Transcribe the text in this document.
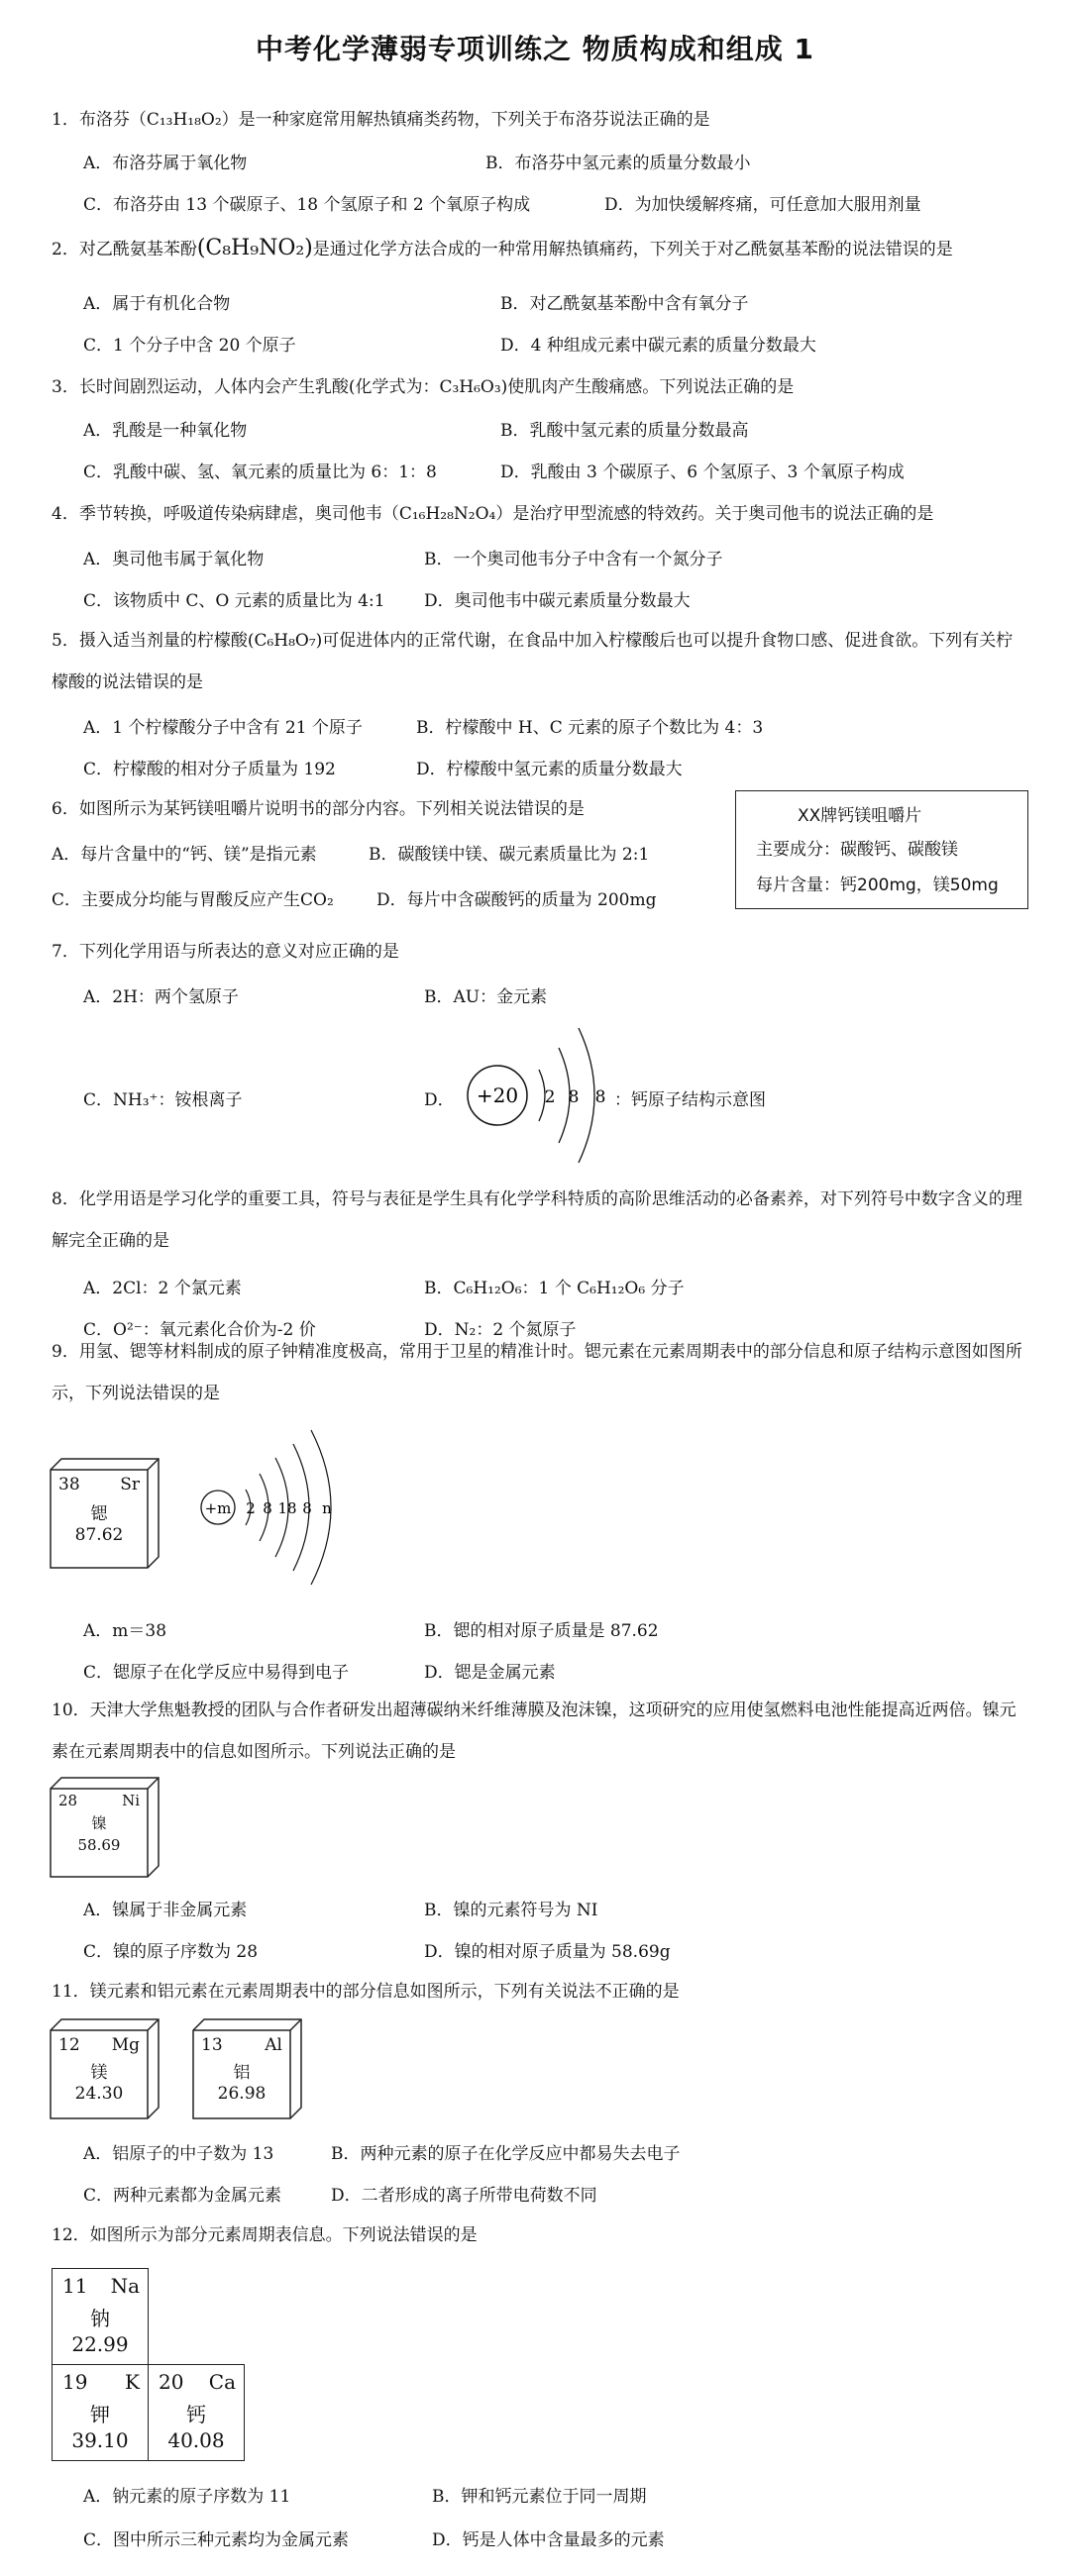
中考化学薄弱专项训练之 物质构成和组成 1
1．布洛芬（C₁₃H₁₈O₂）是一种家庭常用解热镇痛类药物，下列关于布洛芬说法正确的是
A．布洛芬属于氧化物	B．布洛芬中氢元素的质量分数最小
C．布洛芬由 13 个碳原子、18 个氢原子和 2 个氧原子构成	D．为加快缓解疼痛，可任意加大服用剂量
2．对乙酰氨基苯酚(C₈H₉NO₂)是通过化学方法合成的一种常用解热镇痛药，下列关于对乙酰氨基苯酚的说法错误的是
A．属于有机化合物	B．对乙酰氨基苯酚中含有氧分子
C．1 个分子中含 20 个原子	D．4 种组成元素中碳元素的质量分数最大
3．长时间剧烈运动，人体内会产生乳酸(化学式为：C₃H₆O₃)使肌肉产生酸痛感。下列说法正确的是
A．乳酸是一种氧化物	B．乳酸中氢元素的质量分数最高
C．乳酸中碳、氢、氧元素的质量比为 6：1：8	D．乳酸由 3 个碳原子、6 个氢原子、3 个氧原子构成
4．季节转换，呼吸道传染病肆虐，奥司他韦（C₁₆H₂₈N₂O₄）是治疗甲型流感的特效药。关于奥司他韦的说法正确的是
A．奥司他韦属于氧化物	B．一个奥司他韦分子中含有一个氮分子
C．该物质中 C、O 元素的质量比为 4:1 D．奥司他韦中碳元素质量分数最大
5．摄入适当剂量的柠檬酸(C₆H₈O₇)可促进体内的正常代谢，在食品中加入柠檬酸后也可以提升食物口感、促进食欲。下列有关柠檬酸的说法错误的是
A．1 个柠檬酸分子中含有 21 个原子	B．柠檬酸中 H、C 元素的原子个数比为 4：3
C．柠檬酸的相对分子质量为 192	D．柠檬酸中氢元素的质量分数最大
6．如图所示为某钙镁咀嚼片说明书的部分内容。下列相关说法错误的是
A．每片含量中的“钙、镁”是指元素	B．碳酸镁中镁、碳元素质量比为 2:1
C．主要成分均能与胃酸反应产生CO₂	D．每片中含碳酸钙的质量为 200mg
XX牌钙镁咀嚼片
主要成分：碳酸钙、碳酸镁
每片含量：钙200mg，镁50mg
7．下列化学用语与所表达的意义对应正确的是
A．2H：两个氢原子	B．AU：金元素
C．NH₃⁺：铵根离子	D． +20 2 8 8 ：钙原子结构示意图
8．化学用语是学习化学的重要工具，符号与表征是学生具有化学学科特质的高阶思维活动的必备素养，对下列符号中数字含义的理解完全正确的是
A．2Cl：2 个氯元素	B．C₆H₁₂O₆：1 个 C₆H₁₂O₆ 分子
C．O²⁻：氧元素化合价为-2 价	D．N₂：2 个氮原子
9．用氢、锶等材料制成的原子钟精准度极高，常用于卫星的精准计时。锶元素在元素周期表中的部分信息和原子结构示意图如图所示，下列说法错误的是
38 Sr
锶
87.62
+m 2 8 18 8 n
A．m＝38	B．锶的相对原子质量是 87.62
C．锶原子在化学反应中易得到电子	D．锶是金属元素
10．天津大学焦魁教授的团队与合作者研发出超薄碳纳米纤维薄膜及泡沫镍，这项研究的应用使氢燃料电池性能提高近两倍。镍元素在元素周期表中的信息如图所示。下列说法正确的是
28	Ni
镍
58.69
A．镍属于非金属元素	B．镍的元素符号为 NI
C．镍的原子序数为 28	D．镍的相对原子质量为 58.69g
11．镁元素和铝元素在元素周期表中的部分信息如图所示，下列有关说法不正确的是
12 Mg
镁
24.30
13	Al
铝
26.98
A．铝原子的中子数为 13	B．两种元素的原子在化学反应中都易失去电子
C．两种元素都为金属元素	D．二者形成的离子所带电荷数不同
12．如图所示为部分元素周期表信息。下列说法错误的是
11 Na
钠
22.99
19 K
钾
39.10
20 Ca
钙
40.08
A．钠元素的原子序数为 11	B．钾和钙元素位于同一周期
C．图中所示三种元素均为金属元素	D．钙是人体中含量最多的元素
